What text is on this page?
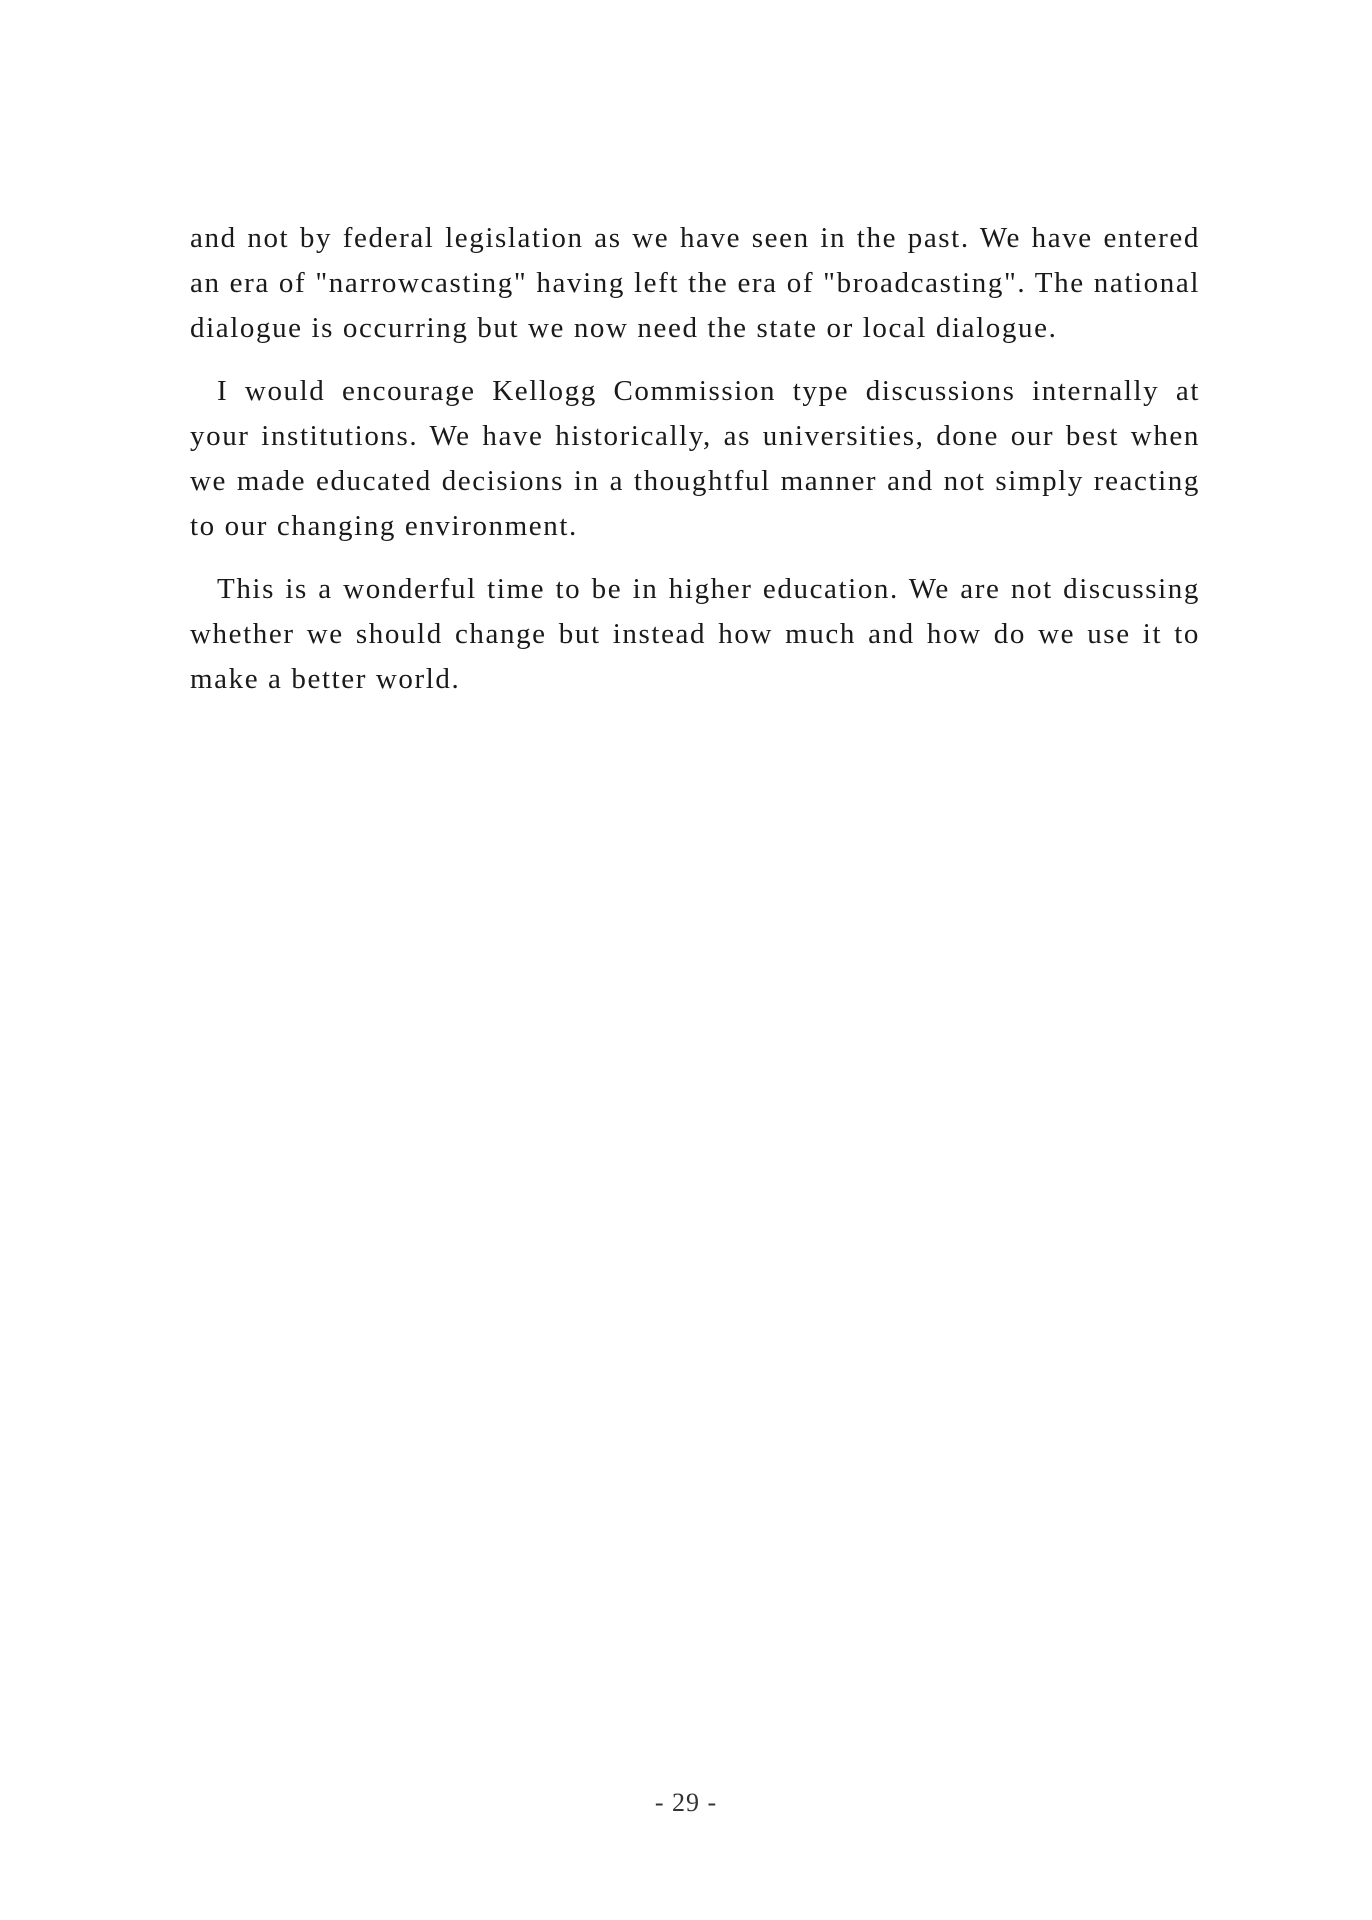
and not by federal legislation as we have seen in the past. We have entered an era of "narrowcasting" having left the era of "broadcasting". The national dialogue is occurring but we now need the state or local dialogue.

I would encourage Kellogg Commission type discussions internally at your institutions. We have historically, as universities, done our best when we made educated decisions in a thoughtful manner and not simply reacting to our changing environment.

This is a wonderful time to be in higher education. We are not discussing whether we should change but instead how much and how do we use it to make a better world.

- 29 -
